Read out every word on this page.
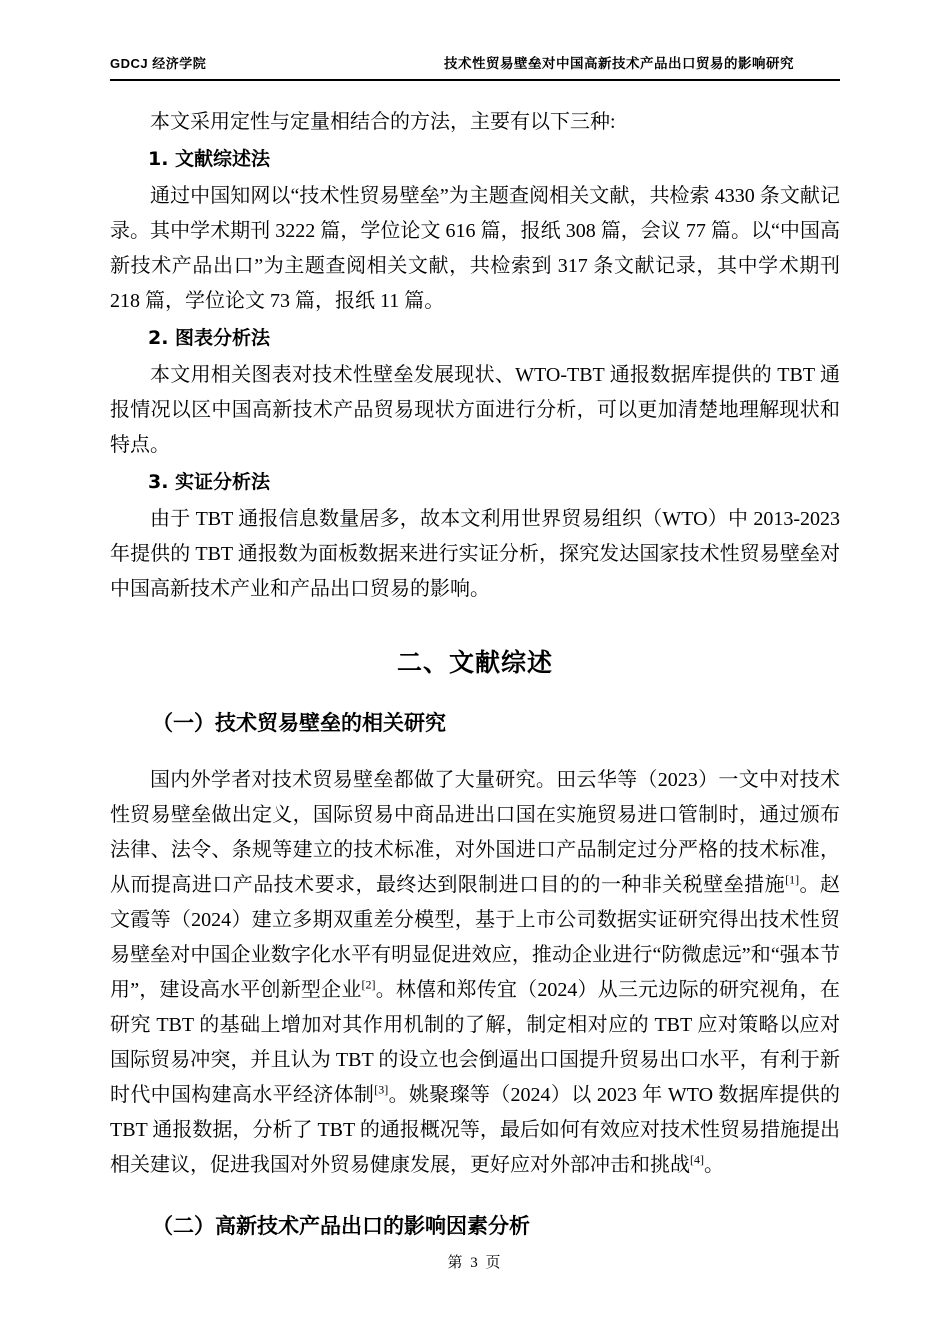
GDCJ 经济学院	技术性贸易壁垒对中国高新技术产品出口贸易的影响研究

本文采用定性与定量相结合的方法，主要有以下三种:

1. 文献综述法

通过中国知网以“技术性贸易壁垒”为主题查阅相关文献，共检索 4330 条文献记录。其中学术期刊 3222 篇，学位论文 616 篇，报纸 308 篇，会议 77 篇。以“中国高新技术产品出口”为主题查阅相关文献，共检索到 317 条文献记录，其中学术期刊 218 篇，学位论文 73 篇，报纸 11 篇。

2. 图表分析法

本文用相关图表对技术性壁垒发展现状、WTO-TBT 通报数据库提供的 TBT 通报情况以区中国高新技术产品贸易现状方面进行分析，可以更加清楚地理解现状和特点。

3. 实证分析法

由于 TBT 通报信息数量居多，故本文利用世界贸易组织（WTO）中 2013-2023 年提供的 TBT 通报数为面板数据来进行实证分析，探究发达国家技术性贸易壁垒对中国高新技术产业和产品出口贸易的影响。

二、文献综述
（一）技术贸易壁垒的相关研究

国内外学者对技术贸易壁垒都做了大量研究。田云华等（2023）一文中对技术性贸易壁垒做出定义，国际贸易中商品进出口国在实施贸易进口管制时，通过颁布法律、法令、条规等建立的技术标准，对外国进口产品制定过分严格的技术标准，从而提高进口产品技术要求，最终达到限制进口目的的一种非关税壁垒措施[1]。赵文霞等（2024）建立多期双重差分模型，基于上市公司数据实证研究得出技术性贸易壁垒对中国企业数字化水平有明显促进效应，推动企业进行“防微虑远”和“强本节用”，建设高水平创新型企业[2]。林僖和郑传宜（2024）从三元边际的研究视角，在研究 TBT 的基础上增加对其作用机制的了解，制定相对应的 TBT 应对策略以应对国际贸易冲突，并且认为 TBT 的设立也会倒逼出口国提升贸易出口水平，有利于新时代中国构建高水平经济体制[3]。姚聚璨等（2024）以 2023 年 WTO 数据库提供的 TBT 通报数据，分析了 TBT 的通报概况等，最后如何有效应对技术性贸易措施提出相关建议，促进我国对外贸易健康发展，更好应对外部冲击和挑战[4]。

（二）高新技术产品出口的影响因素分析
第 3 页
